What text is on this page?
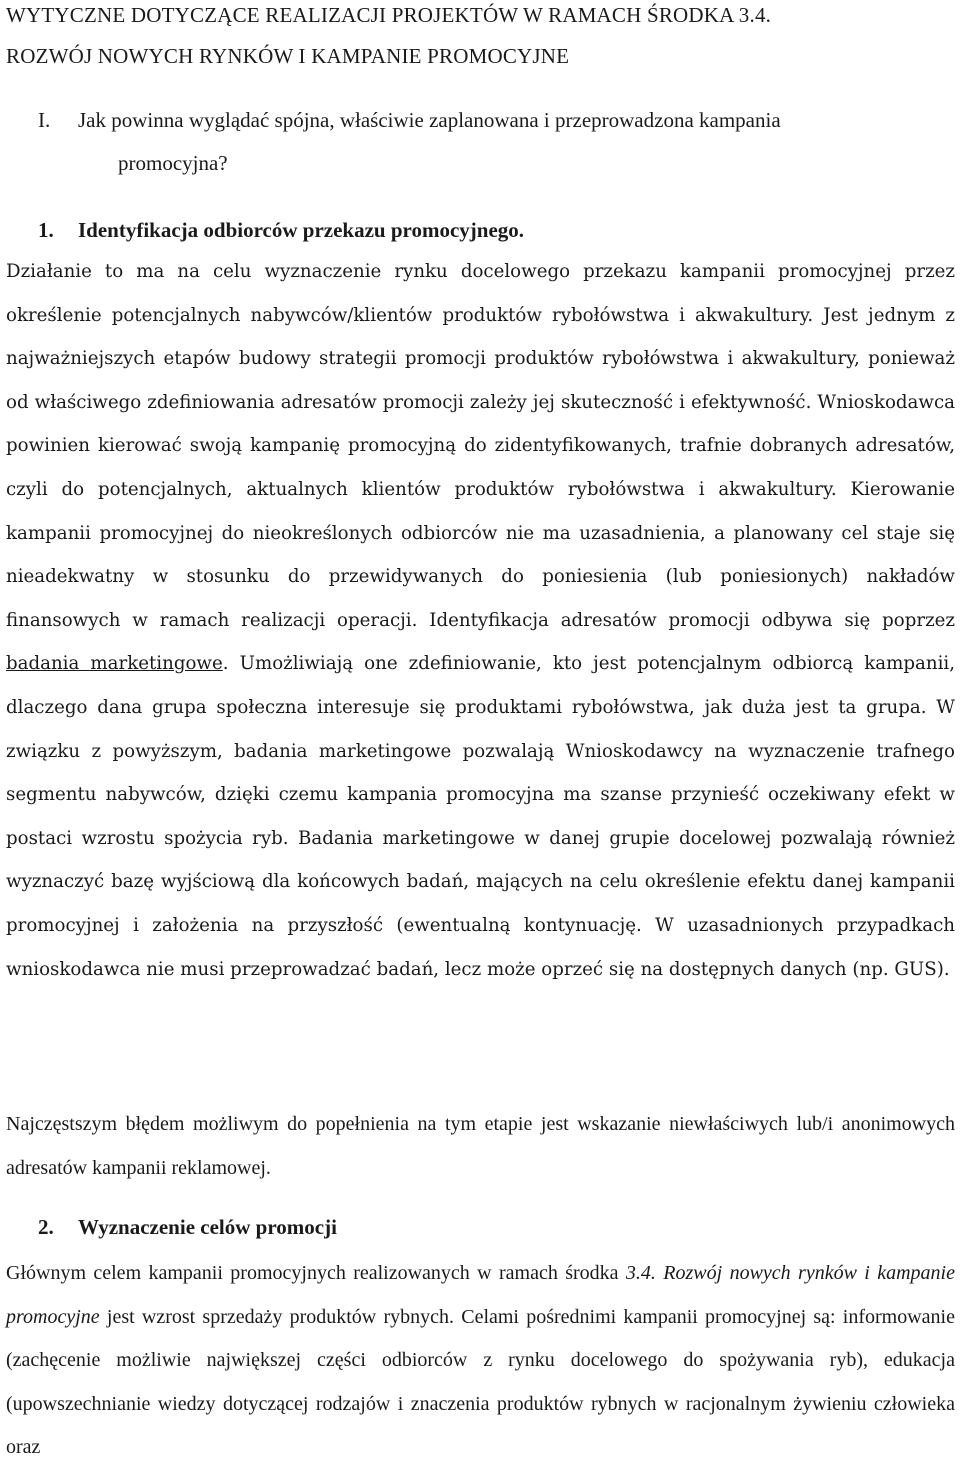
WYTYCZNE DOTYCZĄCE REALIZACJI PROJEKTÓW W RAMACH ŚRODKA 3.4.
ROZWÓJ NOWYCH RYNKÓW I KAMPANIE PROMOCYJNE
I. Jak powinna wyglądać spójna, właściwie zaplanowana i przeprowadzona kampania
promocyjna?
1. Identyfikacja odbiorców przekazu promocyjnego.
Działanie to ma na celu wyznaczenie rynku docelowego przekazu kampanii promocyjnej przez określenie potencjalnych nabywców/klientów produktów rybołówstwa i akwakultury. Jest jednym z najważniejszych etapów budowy strategii promocji produktów rybołówstwa i akwakultury, ponieważ od właściwego zdefiniowania adresatów promocji zależy jej skuteczność i efektywność. Wnioskodawca powinien kierować swoją kampanię promocyjną do zidentyfikowanych, trafnie dobranych adresatów, czyli do potencjalnych, aktualnych klientów produktów rybołówstwa i akwakultury. Kierowanie kampanii promocyjnej do nieokreślonych odbiorców nie ma uzasadnienia, a planowany cel staje się nieadekwatny w stosunku do przewidywanych do poniesienia (lub poniesionych) nakładów finansowych w ramach realizacji operacji. Identyfikacja adresatów promocji odbywa się poprzez badania marketingowe. Umożliwiają one zdefiniowanie, kto jest potencjalnym odbiorcą kampanii, dlaczego dana grupa społeczna interesuje się produktami rybołówstwa, jak duża jest ta grupa. W związku z powyższym, badania marketingowe pozwalają Wnioskodawcy na wyznaczenie trafnego segmentu nabywców, dzięki czemu kampania promocyjna ma szanse przynieść oczekiwany efekt w postaci wzrostu spożycia ryb. Badania marketingowe w danej grupie docelowej pozwalają również wyznaczyć bazę wyjściową dla końcowych badań, mających na celu określenie efektu danej kampanii promocyjnej i założenia na przyszłość (ewentualną kontynuację. W uzasadnionych przypadkach wnioskodawca nie musi przeprowadzać badań, lecz może oprzeć się na dostępnych danych (np. GUS).
Najczęstszym błędem możliwym do popełnienia na tym etapie jest wskazanie niewłaściwych lub/i anonimowych adresatów kampanii reklamowej.
2. Wyznaczenie celów promocji
Głównym celem kampanii promocyjnych realizowanych w ramach środka 3.4. Rozwój nowych rynków i kampanie promocyjne jest wzrost sprzedaży produktów rybnych. Celami pośrednimi kampanii promocyjnej są: informowanie (zachęcenie możliwie największej części odbiorców z rynku docelowego do spożywania ryb), edukacja (upowszechnianie wiedzy dotyczącej rodzajów i znaczenia produktów rybnych w racjonalnym żywieniu człowieka oraz
